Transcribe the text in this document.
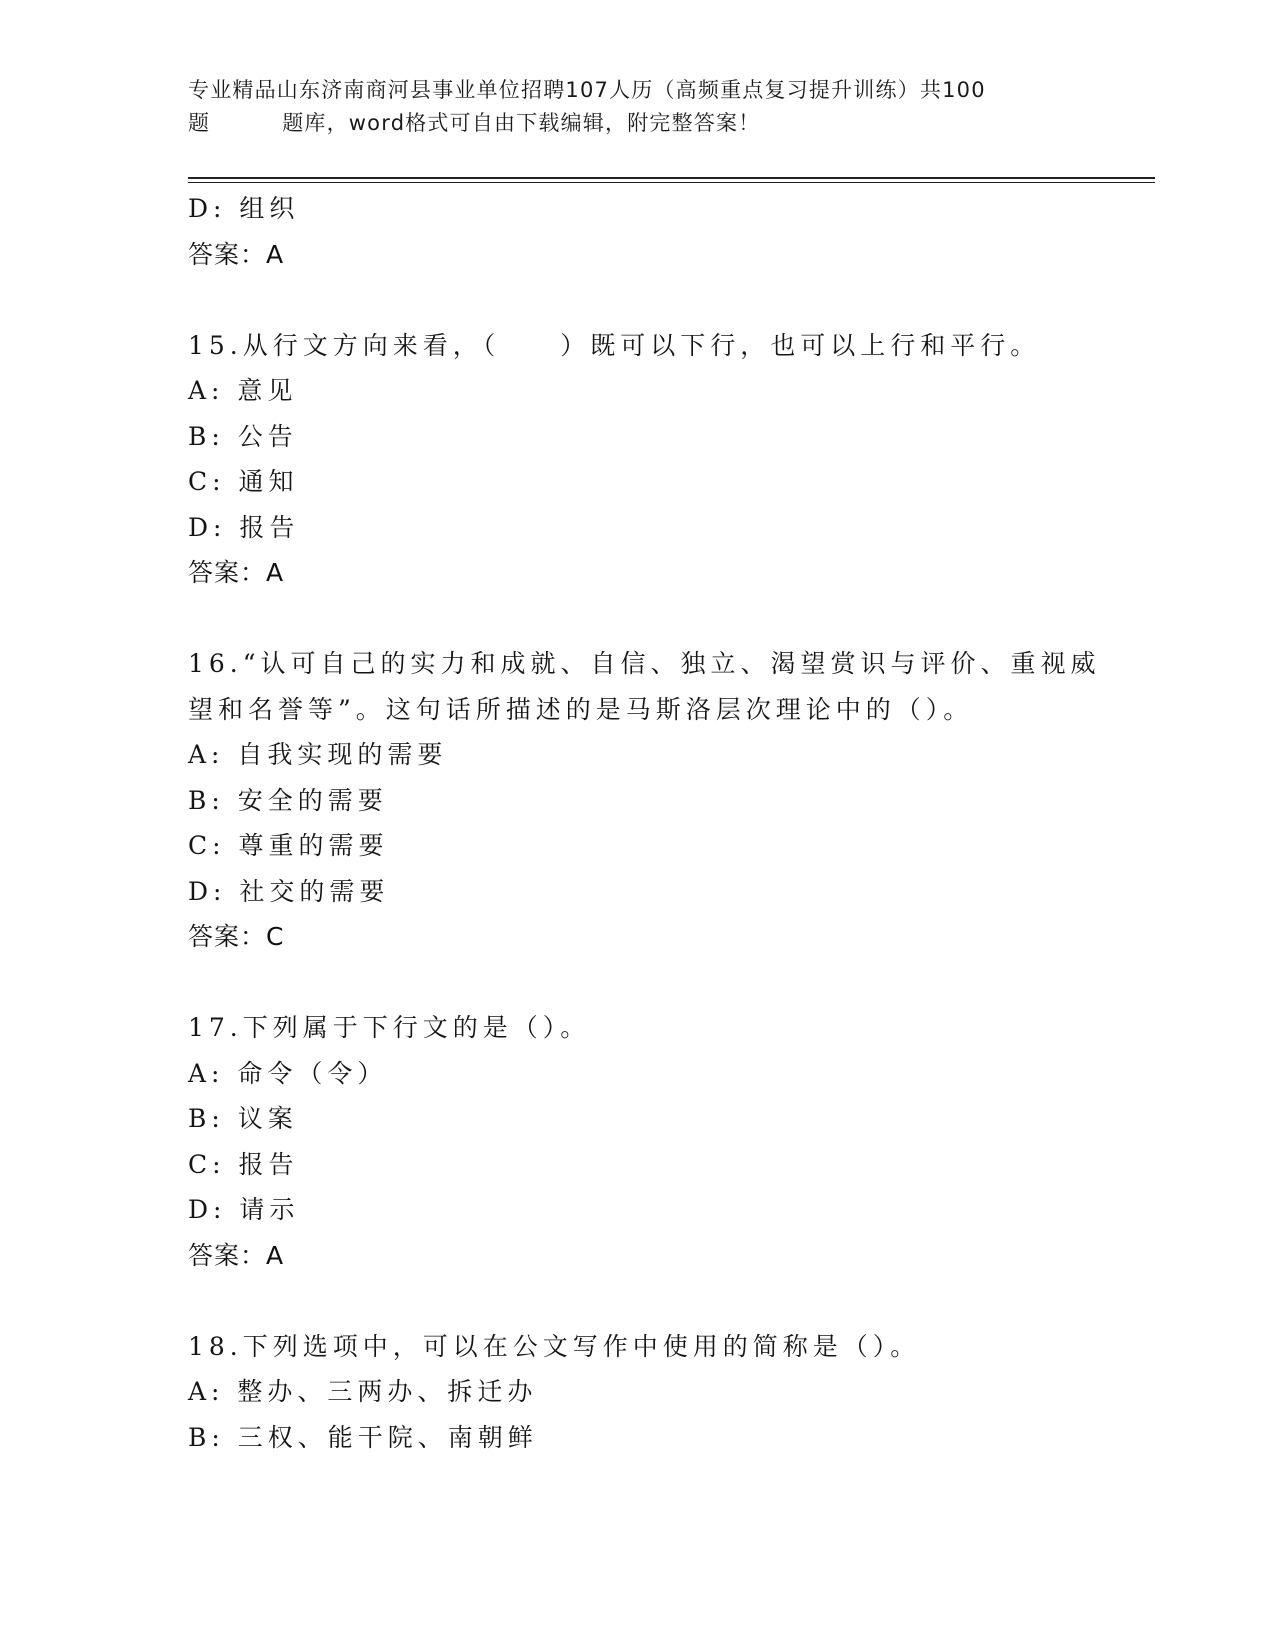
专业精品山东济南商河县事业单位招聘107人历（高频重点复习提升训练）共100
题	题库，word格式可自由下载编辑，附完整答案！
D: 组织
答案：A
15.从行文方向来看，（　　）既可以下行，也可以上行和平行。
A: 意见
B: 公告
C: 通知
D: 报告
答案：A
16.“认可自己的实力和成就、自信、独立、渴望赏识与评价、重视威
望和名誉等”。这句话所描述的是马斯洛层次理论中的（）。
A: 自我实现的需要
B: 安全的需要
C: 尊重的需要
D: 社交的需要
答案：C
17.下列属于下行文的是（）。
A: 命令（令）
B: 议案
C: 报告
D: 请示
答案：A
18.下列选项中，可以在公文写作中使用的简称是（）。
A: 整办、三两办、拆迁办
B: 三权、能干院、南朝鲜
